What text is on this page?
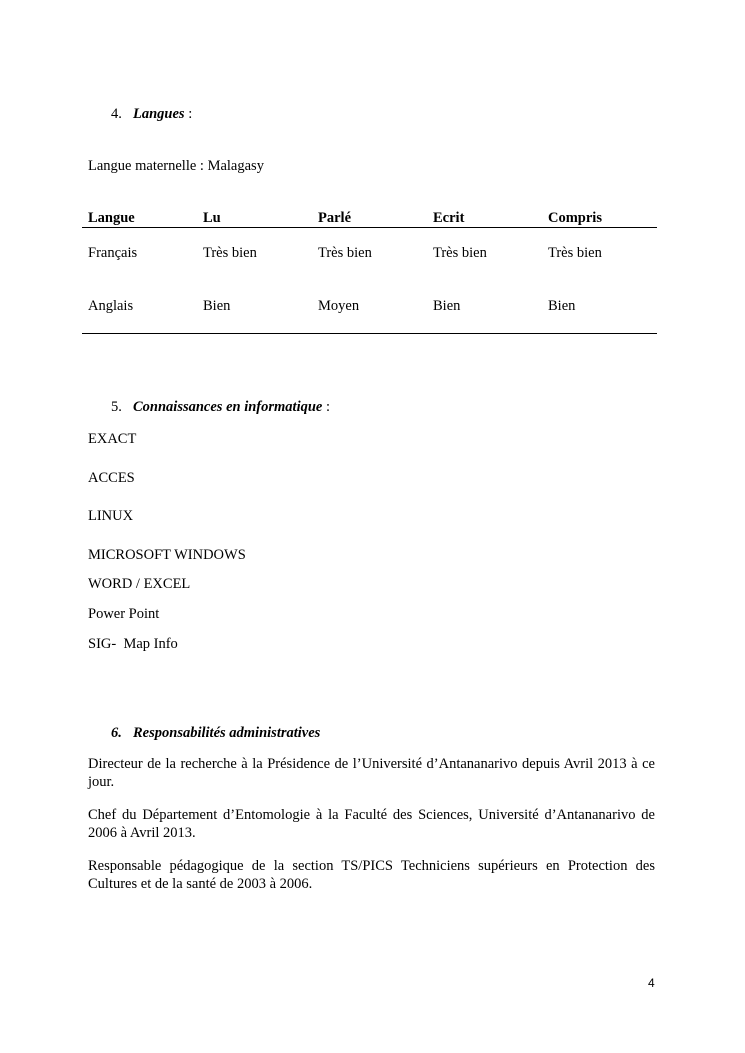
4. Langues :
Langue maternelle : Malagasy
Langue	Lu	Parlé	Ecrit	Compris
Français	Très bien	Très bien	Très bien	Très bien
Anglais	Bien	Moyen	Bien	Bien
5. Connaissances en informatique :
EXACT
ACCES
LINUX
MICROSOFT WINDOWS
WORD / EXCEL
Power Point
SIG-  Map Info
6. Responsabilités administratives
Directeur de la recherche à la Présidence de l’Université d’Antananarivo depuis Avril 2013 à ce jour.
Chef du Département d’Entomologie à la Faculté des Sciences, Université d’Antananarivo de 2006 à Avril 2013.
Responsable pédagogique de la section TS/PICS Techniciens supérieurs en Protection des Cultures et de la santé de 2003 à 2006.
4
